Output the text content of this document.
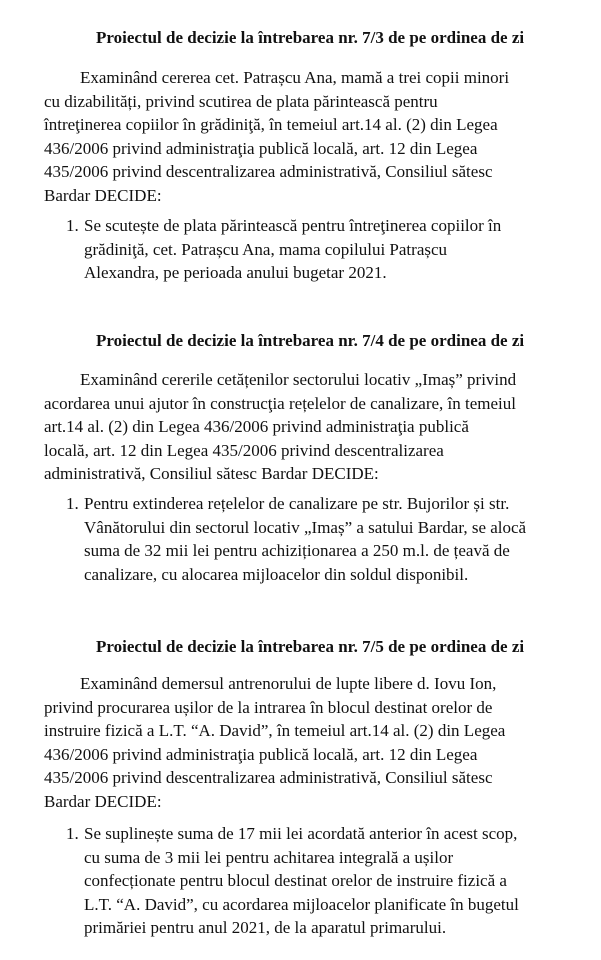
Proiectul de decizie la întrebarea nr. 7/3 de pe ordinea de zi
Examinând cererea cet. Patrașcu Ana, mamă a trei copii minori
cu dizabilități, privind scutirea de plata părintească pentru
întreţinerea copiilor în grădiniţă, în temeiul art.14 al. (2) din Legea
436/2006 privind administraţia publică locală, art. 12 din Legea
435/2006 privind descentralizarea administrativă, Consiliul sătesc
Bardar DECIDE:
1. Se scutește de plata părintească pentru întreţinerea copiilor în
grădiniţă, cet. Patrașcu Ana, mama copilului Patrașcu
Alexandra, pe perioada anului bugetar 2021.
Proiectul de decizie la întrebarea nr. 7/4 de pe ordinea de zi
Examinând cererile cetățenilor sectorului locativ „Imaș” privind
acordarea unui ajutor în construcţia rețelelor de canalizare, în temeiul
art.14 al. (2) din Legea 436/2006 privind administraţia publică
locală, art. 12 din Legea 435/2006 privind descentralizarea
administrativă, Consiliul sătesc Bardar DECIDE:
1. Pentru extinderea rețelelor de canalizare pe str. Bujorilor și str.
Vânătorului din sectorul locativ „Imaș” a satului Bardar, se alocă
suma de 32 mii lei pentru achiziționarea a 250 m.l. de țeavă de
canalizare, cu alocarea mijloacelor din soldul disponibil.
Proiectul de decizie la întrebarea nr. 7/5 de pe ordinea de zi
Examinând demersul antrenorului de lupte libere d. Iovu Ion,
privind procurarea ușilor de la intrarea în blocul destinat orelor de
instruire fizică a L.T. “A. David”, în temeiul art.14 al. (2) din Legea
436/2006 privind administraţia publică locală, art. 12 din Legea
435/2006 privind descentralizarea administrativă, Consiliul sătesc
Bardar DECIDE:
1. Se suplinește suma de 17 mii lei acordată anterior în acest scop,
cu suma de 3 mii lei pentru achitarea integrală a ușilor
confecționate pentru blocul destinat orelor de instruire fizică a
L.T. “A. David”, cu acordarea mijloacelor planificate în bugetul
primăriei pentru anul 2021, de la aparatul primarului.
